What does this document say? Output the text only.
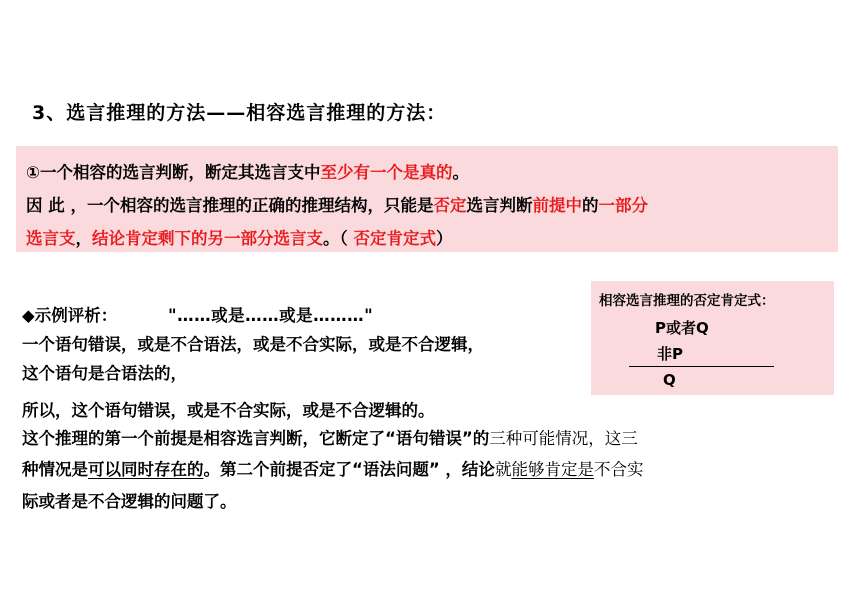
3、选言推理的方法——相容选言推理的方法：
①一个相容的选言判断，断定其选言支中至少有一个是真的。
因 此 ，一个相容的选言推理的正确的推理结构，只能是否定选言判断前提中的一部分
选言支，结论肯定剩下的另一部分选言支。（ 否定肯定式）
相容选言推理的否定肯定式：
P或者Q
非P
Q
◆示例评析：	"……或是……或是………"
一个语句错误，或是不合语法，或是不合实际，或是不合逻辑，
这个语句是合语法的，
所以，这个语句错误，或是不合实际，或是不合逻辑的。
这个推理的第一个前提是相容选言判断，它断定了“语句错误”的三种可能情况，这三
种情况是可以同时存在的。第二个前提否定了“语法问题” ，结论就能够肯定是不合实
际或者是不合逻辑的问题了。
